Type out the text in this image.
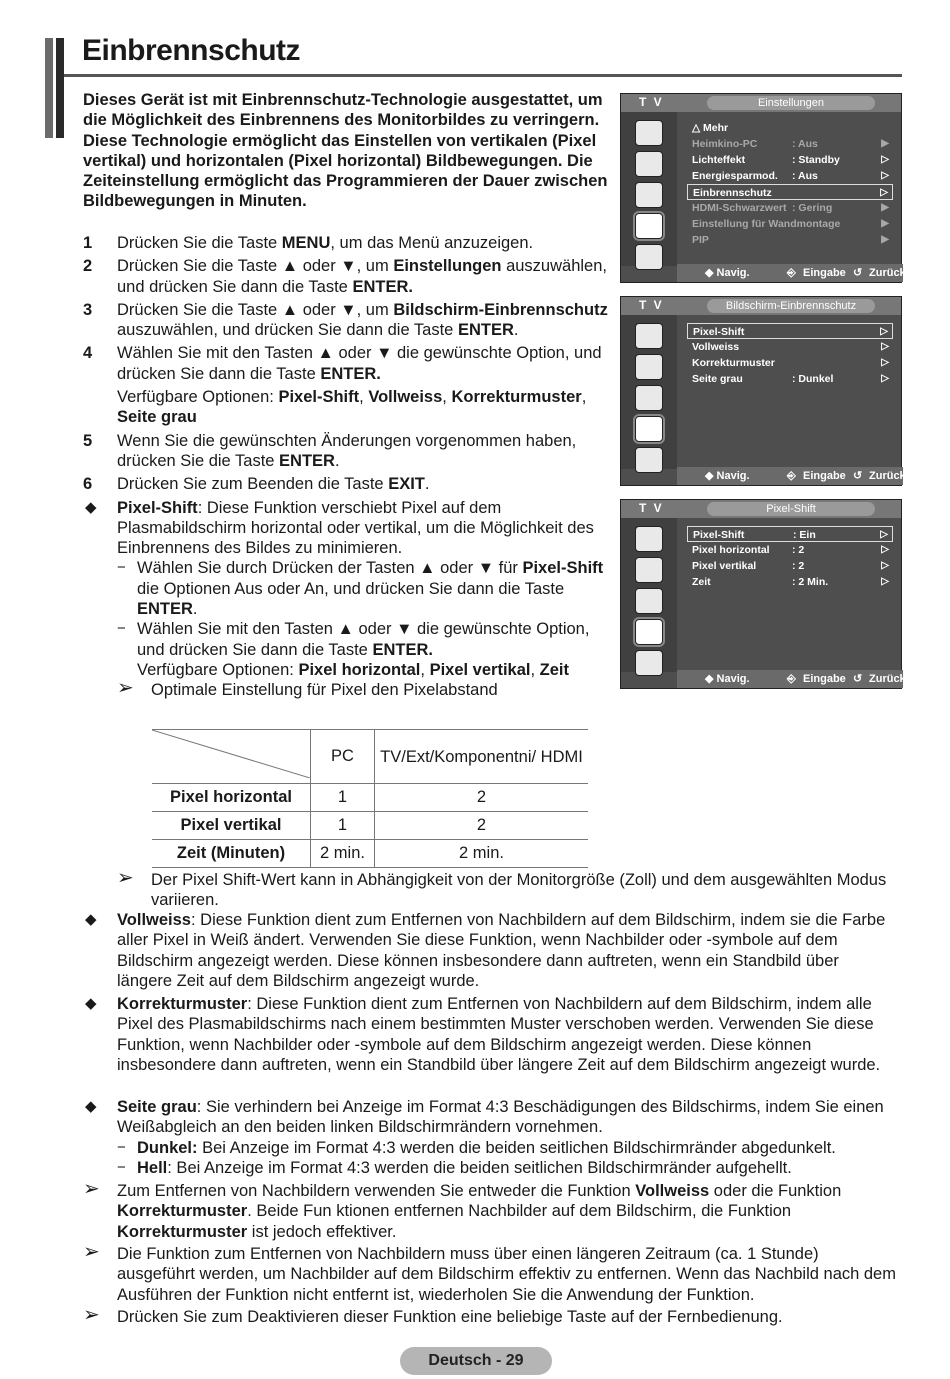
Einbrennschutz
Dieses Gerät ist mit Einbrennschutz-Technologie ausgestattet, um die Möglichkeit des Einbrennens des Monitorbildes zu verringern. Diese Technologie ermöglicht das Einstellen von vertikalen (Pixel vertikal) und horizontalen (Pixel horizontal) Bildbewegungen. Die Zeiteinstellung ermöglicht das Programmieren der Dauer zwischen Bildbewegungen in Minuten.
1 Drücken Sie die Taste MENU, um das Menü anzuzeigen.
2 Drücken Sie die Taste ▲ oder ▼, um Einstellungen auszuwählen, und drücken Sie dann die Taste ENTER.
3 Drücken Sie die Taste ▲ oder ▼, um Bildschirm-Einbrennschutz auszuwählen, und drücken Sie dann die Taste ENTER.
4 Wählen Sie mit den Tasten ▲ oder ▼ die gewünschte Option, und drücken Sie dann die Taste ENTER.
Verfügbare Optionen: Pixel-Shift, Vollweiss, Korrekturmuster, Seite grau
5 Wenn Sie die gewünschten Änderungen vorgenommen haben, drücken Sie die Taste ENTER.
6 Drücken Sie zum Beenden die Taste EXIT.
◆ Pixel-Shift: Diese Funktion verschiebt Pixel auf dem Plasmabildschirm horizontal oder vertikal, um die Möglichkeit des Einbrennens des Bildes zu minimieren.
− Wählen Sie durch Drücken der Tasten ▲ oder ▼ für Pixel-Shift die Optionen Aus oder An, und drücken Sie dann die Taste ENTER.
− Wählen Sie mit den Tasten ▲ oder ▼ die gewünschte Option, und drücken Sie dann die Taste ENTER.
Verfügbare Optionen: Pixel horizontal, Pixel vertikal, Zeit
➢ Optimale Einstellung für Pixel den Pixelabstand
	PC	TV/Ext/Komponentni/ HDMI
Pixel horizontal	1	2
Pixel vertikal	1	2
Zeit (Minuten)	2 min.	2 min.
➢ Der Pixel Shift-Wert kann in Abhängigkeit von der Monitorgröße (Zoll) und dem ausgewählten Modus variieren.
◆ Vollweiss: Diese Funktion dient zum Entfernen von Nachbildern auf dem Bildschirm, indem sie die Farbe aller Pixel in Weiß ändert. Verwenden Sie diese Funktion, wenn Nachbilder oder -symbole auf dem Bildschirm angezeigt werden. Diese können insbesondere dann auftreten, wenn ein Standbild über längere Zeit auf dem Bildschirm angezeigt wurde.
◆ Korrekturmuster: Diese Funktion dient zum Entfernen von Nachbildern auf dem Bildschirm, indem alle Pixel des Plasmabildschirms nach einem bestimmten Muster verschoben werden. Verwenden Sie diese Funktion, wenn Nachbilder oder -symbole auf dem Bildschirm angezeigt werden. Diese können insbesondere dann auftreten, wenn ein Standbild über längere Zeit auf dem Bildschirm angezeigt wurde.
◆ Seite grau: Sie verhindern bei Anzeige im Format 4:3 Beschädigungen des Bildschirms, indem Sie einen Weißabgleich an den beiden linken Bildschirmrändern vornehmen.
− Dunkel: Bei Anzeige im Format 4:3 werden die beiden seitlichen Bildschirmränder abgedunkelt.
− Hell: Bei Anzeige im Format 4:3 werden die beiden seitlichen Bildschirmränder aufgehellt.
➢ Zum Entfernen von Nachbildern verwenden Sie entweder die Funktion Vollweiss oder die Funktion Korrekturmuster. Beide Fun ktionen entfernen Nachbilder auf dem Bildschirm, die Funktion Korrekturmuster ist jedoch effektiver.
➢ Die Funktion zum Entfernen von Nachbildern muss über einen längeren Zeitraum (ca. 1 Stunde) ausgeführt werden, um Nachbilder auf dem Bildschirm effektiv zu entfernen. Wenn das Nachbild nach dem Ausführen der Funktion nicht entfernt ist, wiederholen Sie die Anwendung der Funktion.
➢ Drücken Sie zum Deaktivieren dieser Funktion eine beliebige Taste auf der Fernbedienung.
Deutsch - 29
T V	Einstellungen
△ Mehr
Heimkino-PC	: Aus	▶
Lichteffekt	: Standby	▷
Energiesparmod. : Aus	▷
Einbrennschutz	▷
HDMI-Schwarzwert : Gering	▶
Einstellung für Wandmontage	▶
PIP	▶
◆ Navig.	⎆ Eingabe ↺ Zurück
T V	Bildschirm-Einbrennschutz
Pixel-Shift	▷
Vollweiss	▷
Korrekturmuster	▷
Seite grau	: Dunkel	▷
◆ Navig.	⎆ Eingabe ↺ Zurück
T V	Pixel-Shift
Pixel-Shift	: Ein	▷
Pixel horizontal : 2	▷
Pixel vertikal	: 2	▷
Zeit	: 2 Min.	▷
◆ Navig.	⎆ Eingabe ↺ Zurück
